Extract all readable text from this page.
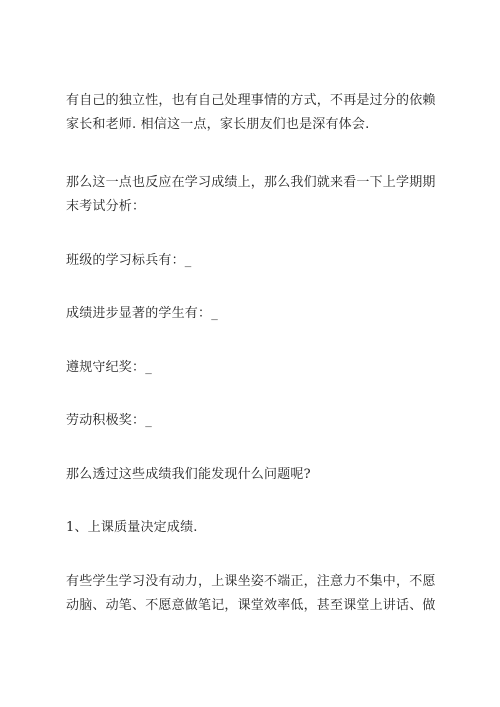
有自己的独立性，也有自己处理事情的方式，不再是过分的依赖
家长和老师. 相信这一点，家长朋友们也是深有体会.
那么这一点也反应在学习成绩上，那么我们就来看一下上学期期
末考试分析：
班级的学习标兵有：_
成绩进步显著的学生有：_
遵规守纪奖：_
劳动积极奖：_
那么透过这些成绩我们能发现什么问题呢?
1、上课质量决定成绩.
有些学生学习没有动力，上课坐姿不端正，注意力不集中，不愿
动脑、动笔、不愿意做笔记，课堂效率低，甚至课堂上讲话、做
